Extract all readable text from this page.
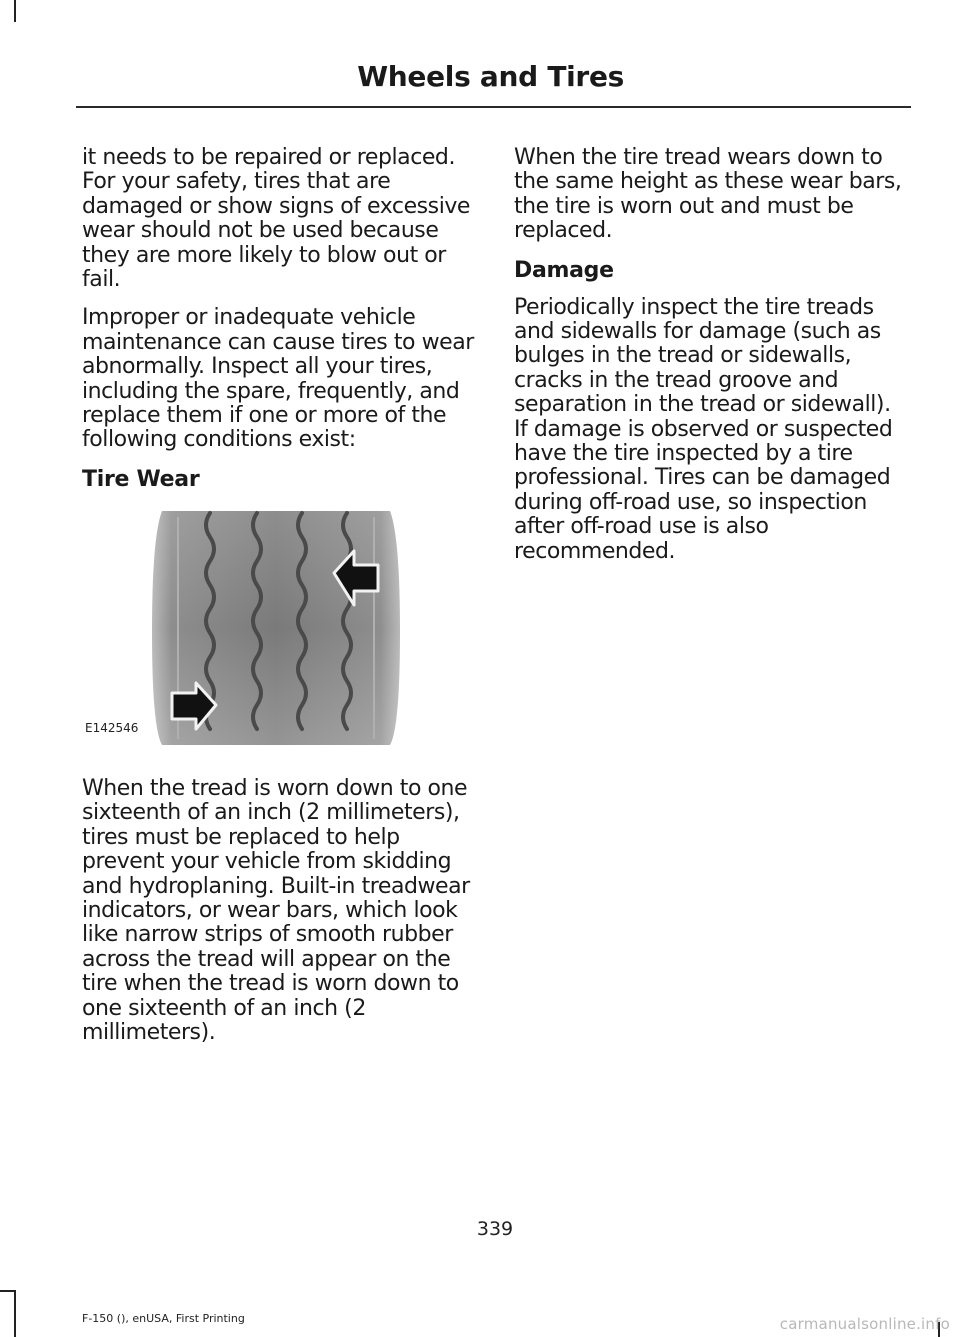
Wheels and Tires

it needs to be repaired or replaced. For your safety, tires that are damaged or show signs of excessive wear should not be used because they are more likely to blow out or fail.

Improper or inadequate vehicle maintenance can cause tires to wear abnormally. Inspect all your tires, including the spare, frequently, and replace them if one or more of the following conditions exist:

Tire Wear
E142546

When the tread is worn down to one sixteenth of an inch (2 millimeters), tires must be replaced to help prevent your vehicle from skidding and hydroplaning. Built-in treadwear indicators, or wear bars, which look like narrow strips of smooth rubber across the tread will appear on the tire when the tread is worn down to one sixteenth of an inch (2 millimeters).

When the tire tread wears down to the same height as these wear bars, the tire is worn out and must be replaced.

Damage

Periodically inspect the tire treads and sidewalls for damage (such as bulges in the tread or sidewalls, cracks in the tread groove and separation in the tread or sidewall). If damage is observed or suspected have the tire inspected by a tire professional. Tires can be damaged during off-road use, so inspection after off-road use is also recommended.

339
F-150 (), enUSA, First Printing	carmanualsonline.info
